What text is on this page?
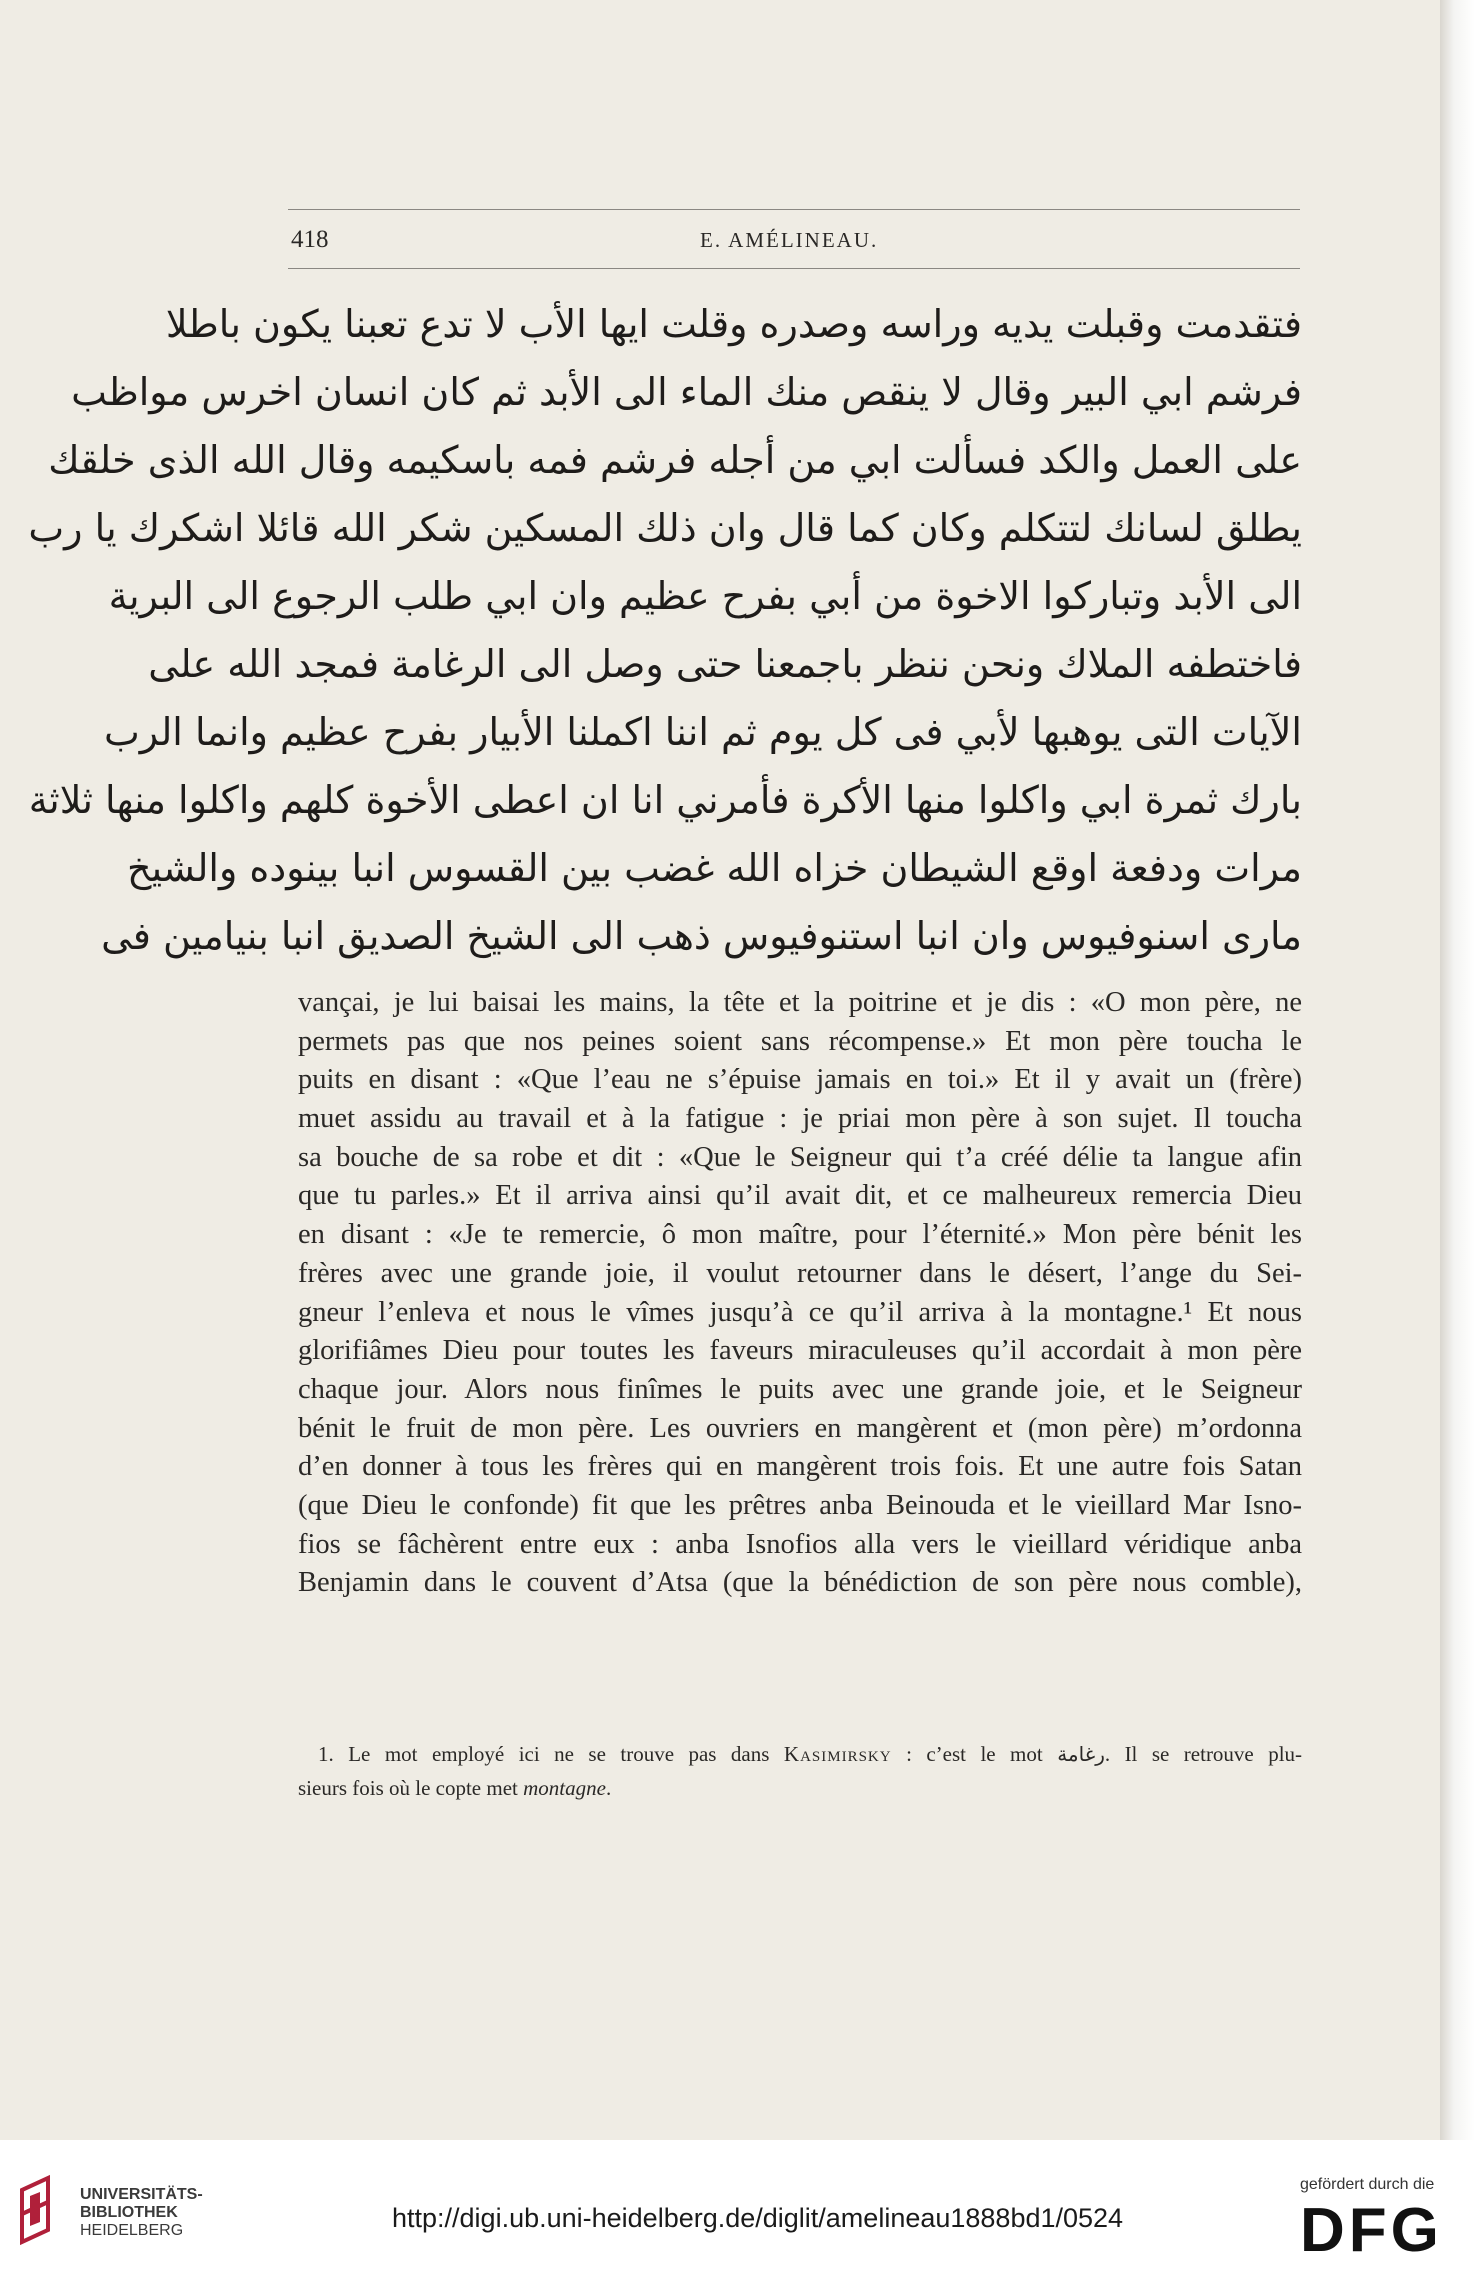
418	E. AMÉLINEAU.
فتقدمت وقبلت يديه وراسه وصدره وقلت ايها الأب لا تدع تعبنا يكون باطلا
فرشم ابي البير وقال لا ينقص منك الماء الى الأبد ثم كان انسان اخرس مواظب
على العمل والكد فسألت ابي من أجله فرشم فمه باسكيمه وقال الله الذى خلقك
يطلق لسانك لتتكلم وكان كما قال وان ذلك المسكين شكر الله قائلا اشكرك يا رب
الى الأبد وتباركوا الاخوة من أبي بفرح عظيم وان ابي طلب الرجوع الى البرية
فاختطفه الملاك ونحن ننظر باجمعنا حتى وصل الى الرغامة فمجد الله على
الآيات التى يوهبها لأبي فى كل يوم ثم اننا اكملنا الأبيار بفرح عظيم وانما الرب
بارك ثمرة ابي واكلوا منها الأكرة فأمرني انا ان اعطى الأخوة كلهم واكلوا منها ثلاثة
مرات ودفعة اوقع الشيطان خزاه الله غضب بين القسوس انبا بينوده والشيخ
مارى اسنوفيوس وان انبا استنوفيوس ذهب الى الشيخ الصديق انبا بنيامين فى
vançai, je lui baisai les mains, la tête et la poitrine et je dis : «O mon père, ne
permets pas que nos peines soient sans récompense.» Et mon père toucha le
puits en disant : «Que l’eau ne s’épuise jamais en toi.» Et il y avait un (frère)
muet assidu au travail et à la fatigue : je priai mon père à son sujet. Il toucha
sa bouche de sa robe et dit : «Que le Seigneur qui t’a créé délie ta langue afin
que tu parles.» Et il arriva ainsi qu’il avait dit, et ce malheureux remercia Dieu
en disant : «Je te remercie, ô mon maître, pour l’éternité.» Mon père bénit les
frères avec une grande joie, il voulut retourner dans le désert, l’ange du Sei-
gneur l’enleva et nous le vîmes jusqu’à ce qu’il arriva à la montagne.¹ Et nous
glorifiâmes Dieu pour toutes les faveurs miraculeuses qu’il accordait à mon père
chaque jour. Alors nous finîmes le puits avec une grande joie, et le Seigneur
bénit le fruit de mon père. Les ouvriers en mangèrent et (mon père) m’ordonna
d’en donner à tous les frères qui en mangèrent trois fois. Et une autre fois Satan
(que Dieu le confonde) fit que les prêtres anba Beinouda et le vieillard Mar Isno-
fios se fâchèrent entre eux : anba Isnofios alla vers le vieillard véridique anba
Benjamin dans le couvent d’Atsa (que la bénédiction de son père nous comble),
1. Le mot employé ici ne se trouve pas dans Kasimirsky : c’est le mot رغامة. Il se retrouve plu-
sieurs fois où le copte met montagne.
UNIVERSITÄTS-
BIBLIOTHEK
HEIDELBERG	http://digi.ub.uni-heidelberg.de/diglit/amelineau1888bd1/0524
gefördert durch die
DFG
